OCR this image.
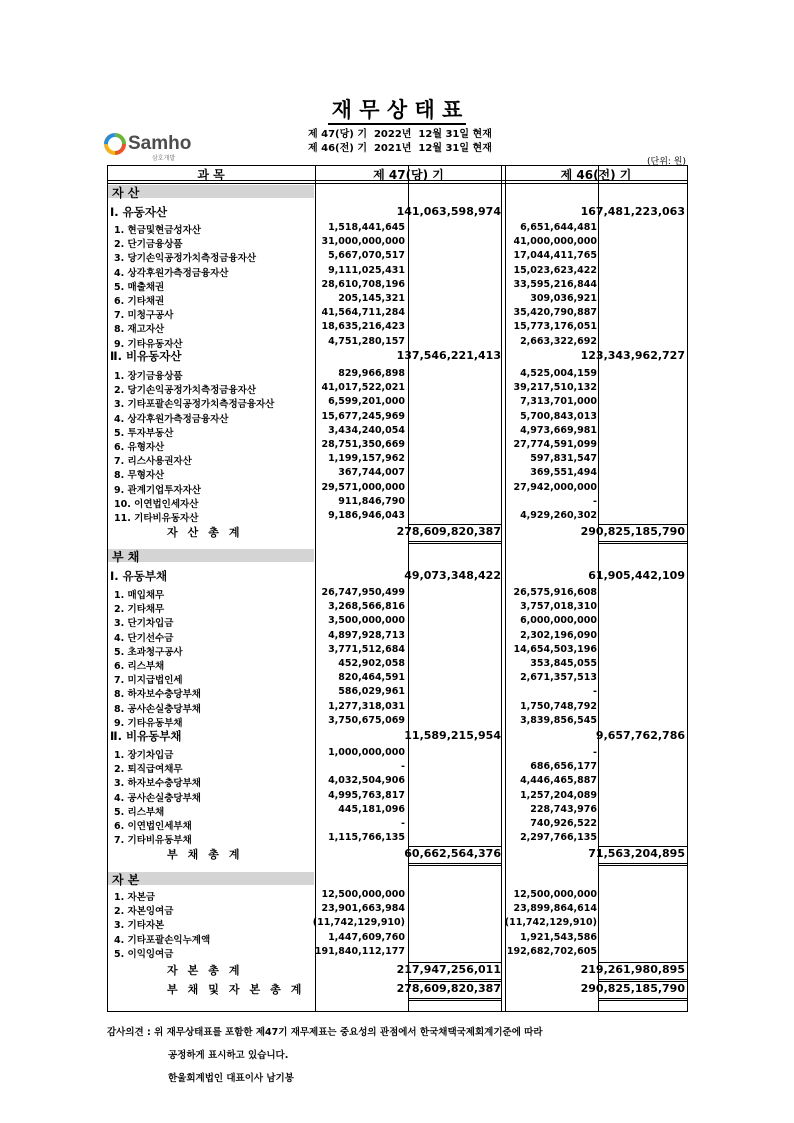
재 무 상 태 표
Samho
삼호개발
제 47(당) 기  2022년  12월 31일 현재
제 46(전) 기  2021년  12월 31일 현재
(단위: 원)
과 목	제 47(당) 기	제 46(전) 기
자 산
Ⅰ. 유동자산	141,063,598,974	167,481,223,063
1. 현금및현금성자산	1,518,441,645	6,651,644,481
2. 단기금융상품	31,000,000,000	41,000,000,000
3. 당기손익공정가치측정금융자산	5,667,070,517	17,044,411,765
4. 상각후원가측정금융자산	9,111,025,431	15,023,623,422
5. 매출채권	28,610,708,196	33,595,216,844
6. 기타채권	205,145,321	309,036,921
7. 미청구공사	41,564,711,284	35,420,790,887
8. 재고자산	18,635,216,423	15,773,176,051
9. 기타유동자산	4,751,280,157	2,663,322,692
Ⅱ. 비유동자산	137,546,221,413	123,343,962,727
1. 장기금융상품	829,966,898	4,525,004,159
2. 당기손익공정가치측정금융자산	41,017,522,021	39,217,510,132
3. 기타포괄손익공정가치측정금융자산	6,599,201,000	7,313,701,000
4. 상각후원가측정금융자산	15,677,245,969	5,700,843,013
5. 투자부동산	3,434,240,054	4,973,669,981
6. 유형자산	28,751,350,669	27,774,591,099
7. 리스사용권자산	1,199,157,962	597,831,547
8. 무형자산	367,744,007	369,551,494
9. 관계기업투자자산	29,571,000,000	27,942,000,000
10. 이연법인세자산	911,846,790	-
11. 기타비유동자산	9,186,946,043	4,929,260,302
자산총계	278,609,820,387	290,825,185,790
부 채
Ⅰ. 유동부채	49,073,348,422	61,905,442,109
1. 매입채무	26,747,950,499	26,575,916,608
2. 기타채무	3,268,566,816	3,757,018,310
3. 단기차입금	3,500,000,000	6,000,000,000
4. 단기선수금	4,897,928,713	2,302,196,090
5. 초과청구공사	3,771,512,684	14,654,503,196
6. 리스부채	452,902,058	353,845,055
7. 미지급법인세	820,464,591	2,671,357,513
8. 하자보수충당부채	586,029,961	-
8. 공사손실충당부채	1,277,318,031	1,750,748,792
9. 기타유동부채	3,750,675,069	3,839,856,545
Ⅱ. 비유동부채	11,589,215,954	9,657,762,786
1. 장기차입금	1,000,000,000	-
2. 퇴직급여채무	-	686,656,177
3. 하자보수충당부채	4,032,504,906	4,446,465,887
4. 공사손실충당부채	4,995,763,817	1,257,204,089
5. 리스부채	445,181,096	228,743,976
6. 이연법인세부채	-	740,926,522
7. 기타비유동부채	1,115,766,135	2,297,766,135
부채총계	60,662,564,376	71,563,204,895
자 본
1. 자본금	12,500,000,000	12,500,000,000
2. 자본잉여금	23,901,663,984	23,899,864,614
3. 기타자본	(11,742,129,910)	(11,742,129,910)
4. 기타포괄손익누계액	1,447,609,760	1,921,543,586
5. 이익잉여금	191,840,112,177	192,682,702,605
자본총계	217,947,256,011	219,261,980,895
부채및자본총계	278,609,820,387	290,825,185,790
감사의견 : 위 재무상태표를 포함한 제47기 재무제표는 중요성의 관점에서 한국채택국제회계기준에 따라
공정하게 표시하고 있습니다.
한울회계법인 대표이사 남기봉
